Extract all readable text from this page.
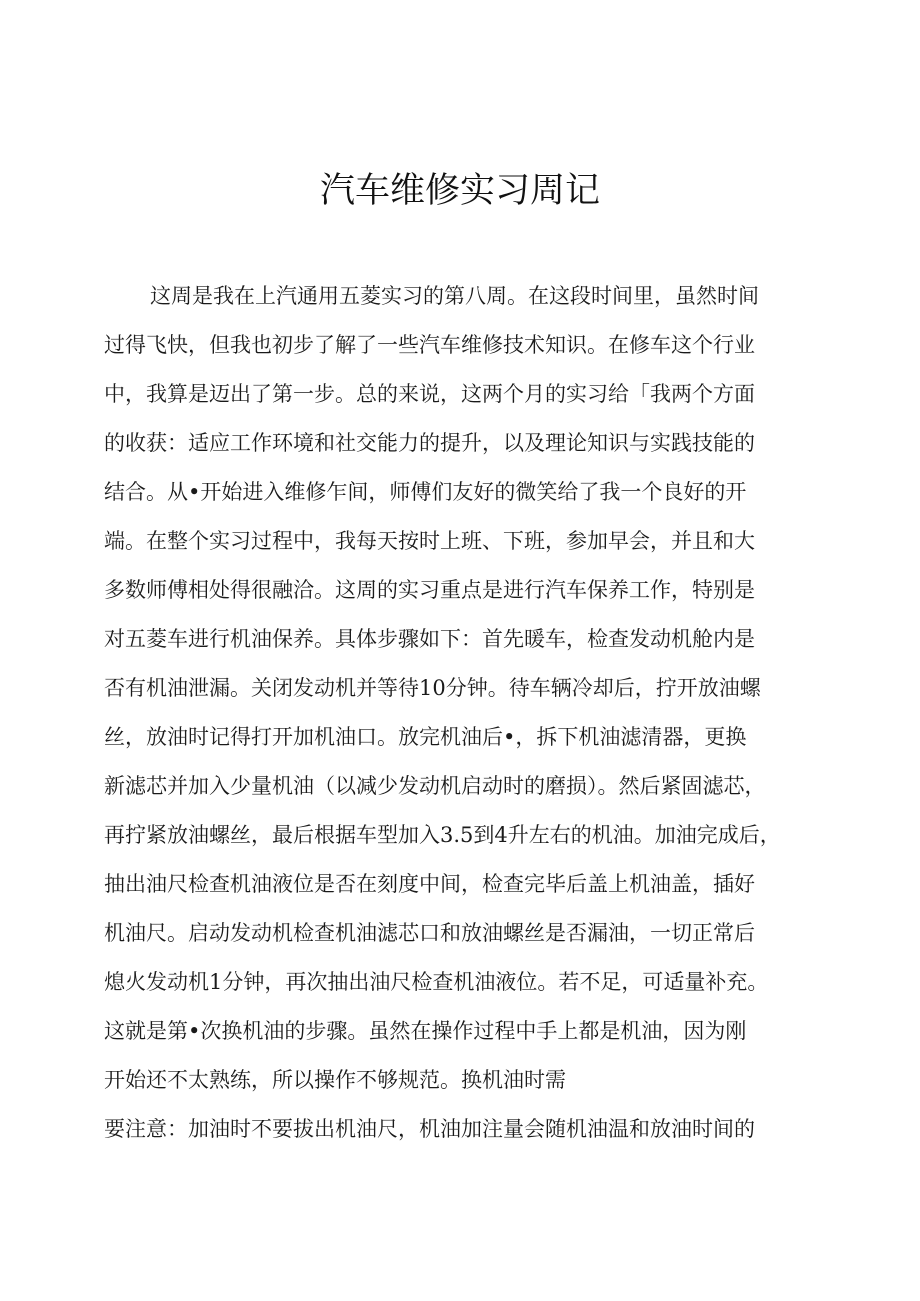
汽车维修实习周记
这周是我在上汽通用五菱实习的第八周。在这段时间里，虽然时间
过得飞快，但我也初步了解了一些汽车维修技术知识。在修车这个行业
中，我算是迈出了第一步。总的来说，这两个月的实习给「我两个方面
的收获：适应工作环境和社交能力的提升，以及理论知识与实践技能的
结合。从•开始进入维修乍间，师傅们友好的微笑给了我一个良好的开
端。在整个实习过程中，我每天按时上班、下班，参加早会，并且和大
多数师傅相处得很融洽。这周的实习重点是进行汽车保养工作，特别是
对五菱车进行机油保养。具体步骤如下：首先暖车，检查发动机舱内是
否有机油泄漏。关闭发动机并等待10分钟。待车辆冷却后，拧开放油螺
丝，放油时记得打开加机油口。放完机油后•，拆下机油滤清器，更换
新滤芯并加入少量机油（以减少发动机启动时的磨损）。然后紧固滤芯，
再拧紧放油螺丝，最后根据车型加入3.5到4升左右的机油。加油完成后，
抽出油尺检查机油液位是否在刻度中间，检查完毕后盖上机油盖，插好
机油尺。启动发动机检查机油滤芯口和放油螺丝是否漏油，一切正常后
熄火发动机1分钟，再次抽出油尺检查机油液位。若不足，可适量补充。
这就是第•次换机油的步骤。虽然在操作过程中手上都是机油，因为刚
开始还不太熟练，所以操作不够规范。换机油时需
要注意：加油时不要拔出机油尺，机油加注量会随机油温和放油时间的
